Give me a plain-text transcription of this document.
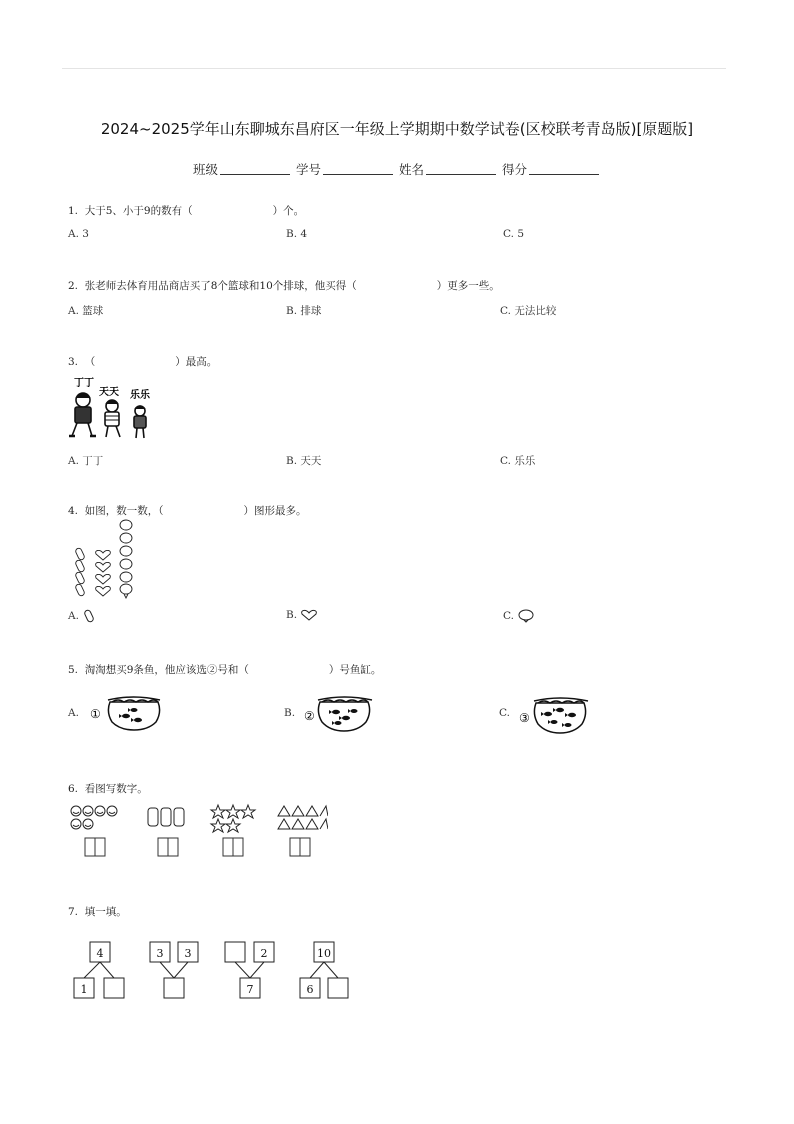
2024~2025学年山东聊城东昌府区一年级上学期期中数学试卷(区校联考青岛版)[原题版]
班级	学号	姓名	得分
1. 大于5、小于9的数有（	）个。
A. 3	B. 4	C. 5
2. 张老师去体育用品商店买了8个篮球和10个排球，他买得（	）更多一些。
A. 篮球	B. 排球	C. 无法比较
3. （	）最高。
丁丁
天天 乐乐
A. 丁丁	B. 天天	C. 乐乐
4. 如图，数一数，（	）图形最多。
A.	B.	C.
5. 淘淘想买9条鱼，他应该选②号和（	）号鱼缸。
A.	B.	C.
①	②	③
6. 看图写数字。
7. 填一填。
4
1
3 3	2
7
10
6
